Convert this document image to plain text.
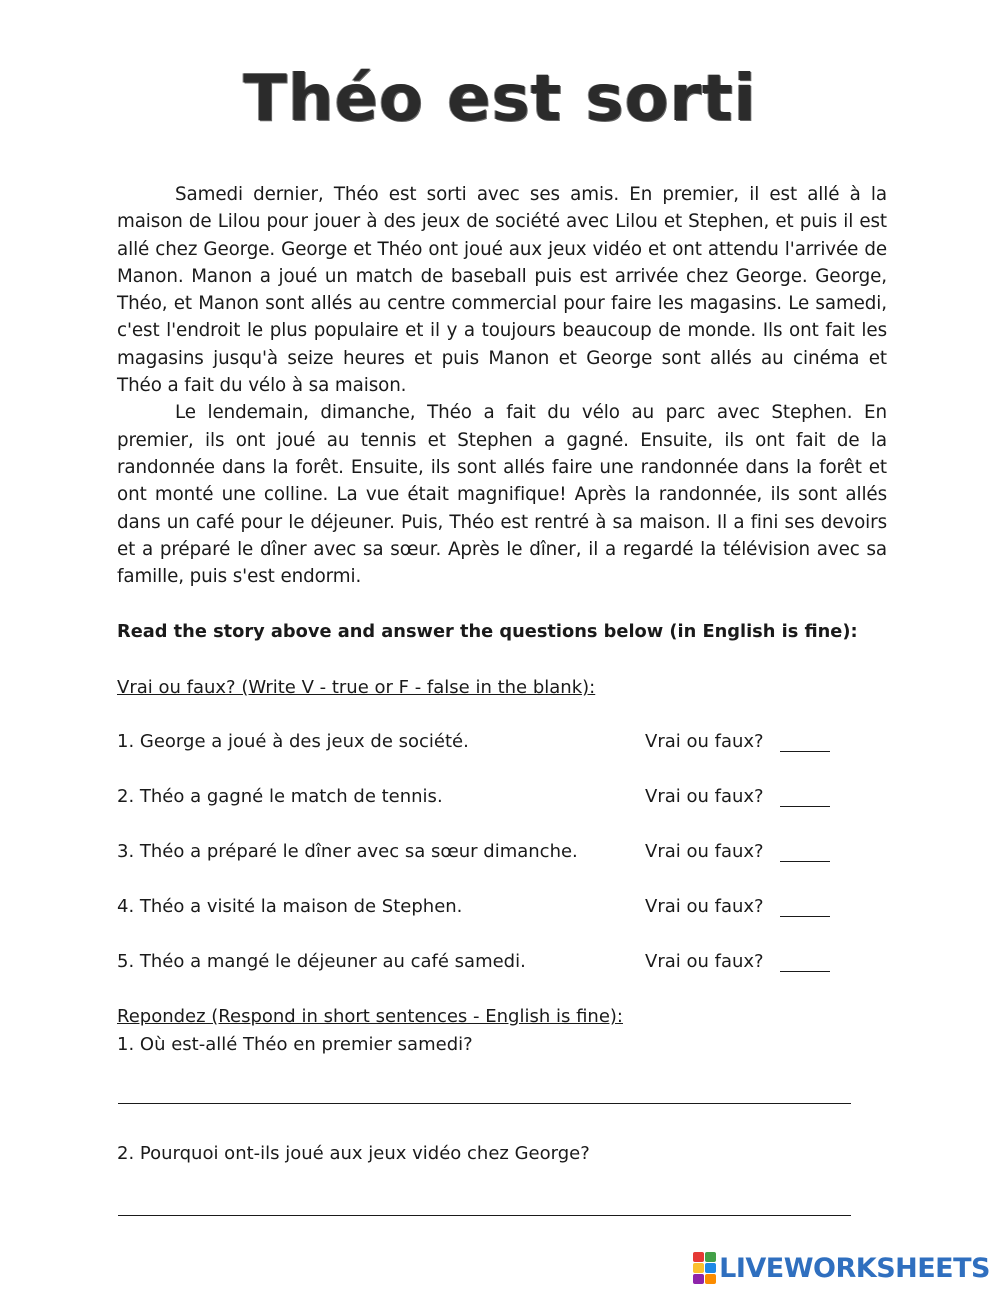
Théo est sorti

Samedi dernier, Théo est sorti avec ses amis. En premier, il est allé à la maison de Lilou pour jouer à des jeux de société avec Lilou et Stephen, et puis il est allé chez George. George et Théo ont joué aux jeux vidéo et ont attendu l'arrivée de Manon. Manon a joué un match de baseball puis est arrivée chez George. George, Théo, et Manon sont allés au centre commercial pour faire les magasins. Le samedi, c'est l'endroit le plus populaire et il y a toujours beaucoup de monde. Ils ont fait les magasins jusqu'à seize heures et puis Manon et George sont allés au cinéma et Théo a fait du vélo à sa maison.

Le lendemain, dimanche, Théo a fait du vélo au parc avec Stephen. En premier, ils ont joué au tennis et Stephen a gagné. Ensuite, ils ont fait de la randonnée dans la forêt. Ensuite, ils sont allés faire une randonnée dans la forêt et ont monté une colline. La vue était magnifique! Après la randonnée, ils sont allés dans un café pour le déjeuner. Puis, Théo est rentré à sa maison. Il a fini ses devoirs et a préparé le dîner avec sa sœur. Après le dîner, il a regardé la télévision avec sa famille, puis s'est endormi.

Read the story above and answer the questions below (in English is fine):
Vrai ou faux? (Write V - true or F - false in the blank):
1. George a joué à des jeux de société.	Vrai ou faux?
2. Théo a gagné le match de tennis.	Vrai ou faux?
3. Théo a préparé le dîner avec sa sœur dimanche.	Vrai ou faux?
4. Théo a visité la maison de Stephen.	Vrai ou faux?
5. Théo a mangé le déjeuner au café samedi.	Vrai ou faux?
Repondez (Respond in short sentences - English is fine):
1. Où est-allé Théo en premier samedi?
2. Pourquoi ont-ils joué aux jeux vidéo chez George?
LIVEWORKSHEETS
